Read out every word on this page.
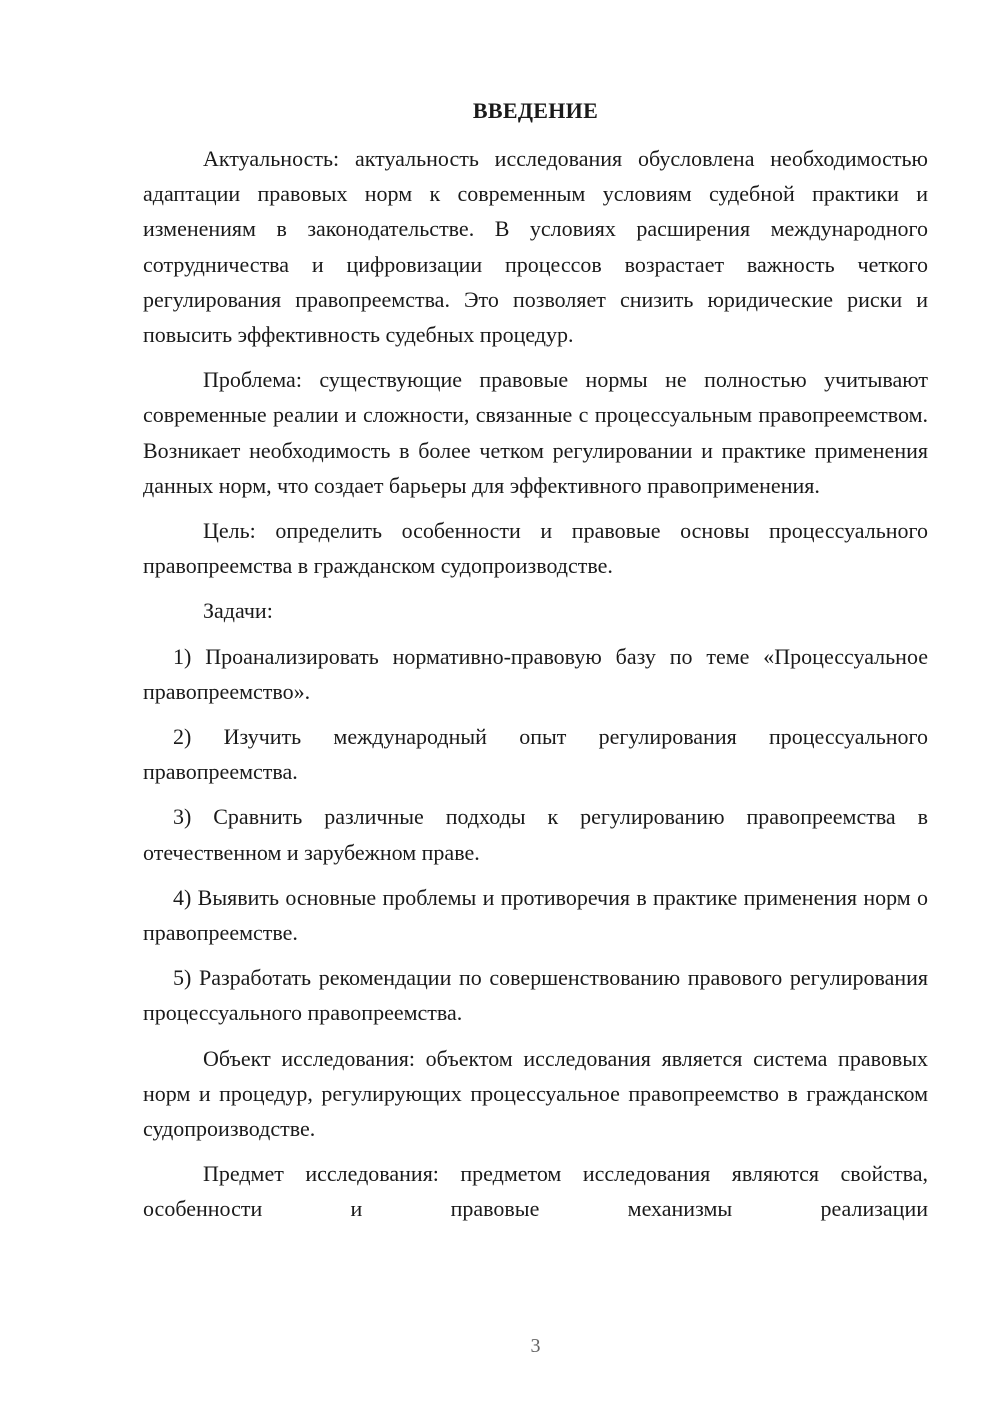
ВВЕДЕНИЕ

Актуальность: актуальность исследования обусловлена необходимостью адаптации правовых норм к современным условиям судебной практики и изменениям в законодательстве. В условиях расширения международного сотрудничества и цифровизации процессов возрастает важность четкого регулирования правопреемства. Это позволяет снизить юридические риски и повысить эффективность судебных процедур.

Проблема: существующие правовые нормы не полностью учитывают современные реалии и сложности, связанные с процессуальным правопреемством. Возникает необходимость в более четком регулировании и практике применения данных норм, что создает барьеры для эффективного правоприменения.

Цель: определить особенности и правовые основы процессуального правопреемства в гражданском судопроизводстве.

Задачи:

1) Проанализировать нормативно-правовую базу по теме «Процессуальное правопреемство».

2) Изучить международный опыт регулирования процессуального правопреемства.

3) Сравнить различные подходы к регулированию правопреемства в отечественном и зарубежном праве.

4) Выявить основные проблемы и противоречия в практике применения норм о правопреемстве.

5) Разработать рекомендации по совершенствованию правового регулирования процессуального правопреемства.

Объект исследования: объектом исследования является система правовых норм и процедур, регулирующих процессуальное правопреемство в гражданском судопроизводстве.

Предмет исследования: предметом исследования являются свойства, особенности и правовые механизмы реализации

3
